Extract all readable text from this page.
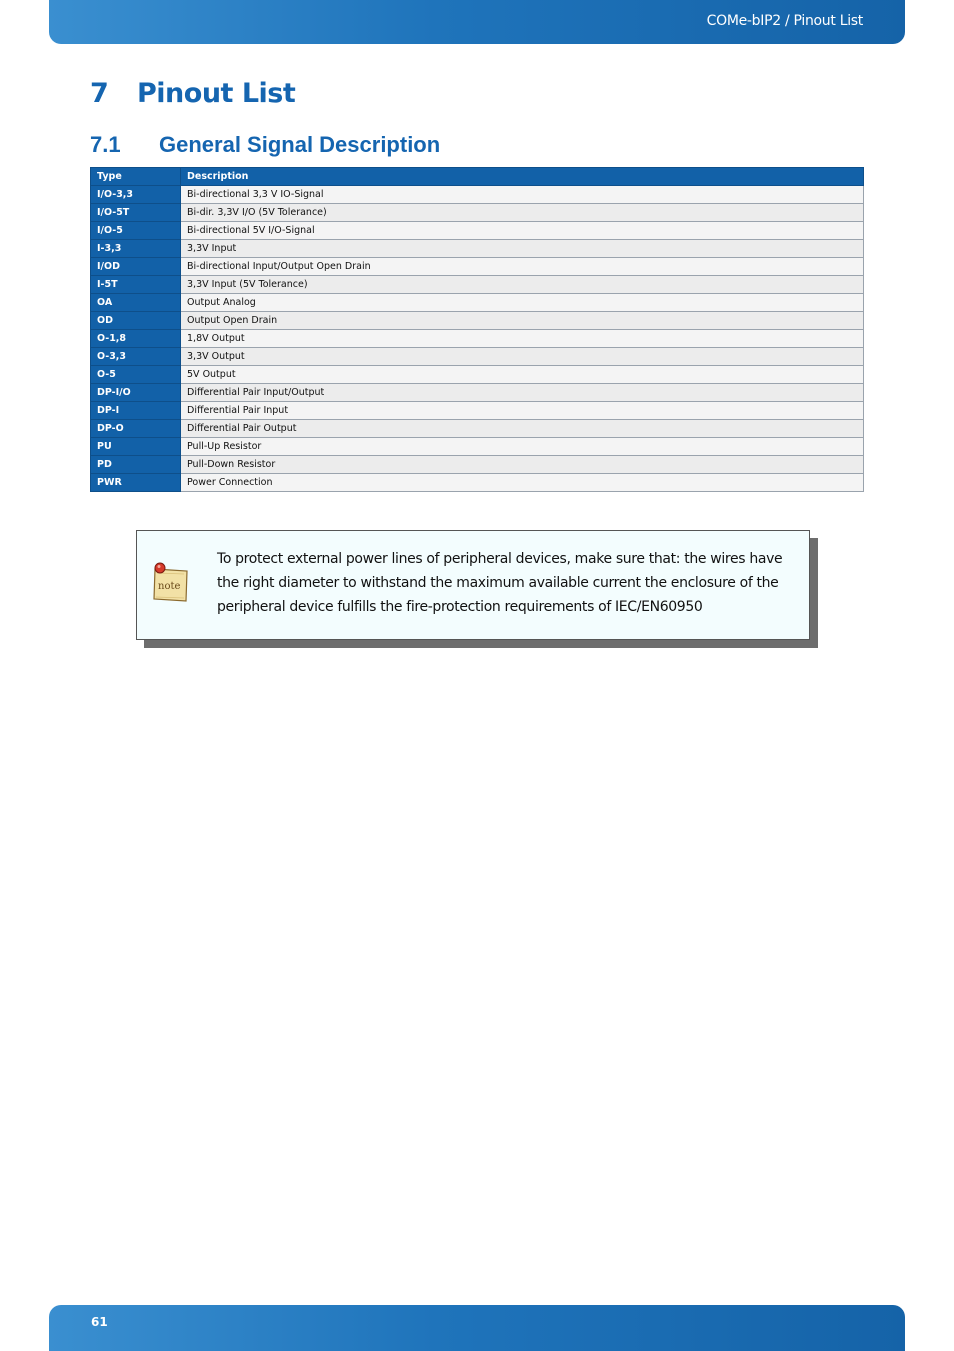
COMe-bIP2 / Pinout List
7 Pinout List
7.1 General Signal Description
Type	Description
I/O-3,3	Bi-directional 3,3 V IO-Signal
I/O-5T	Bi-dir. 3,3V I/O (5V Tolerance)
I/O-5	Bi-directional 5V I/O-Signal
I-3,3	3,3V Input
I/OD	Bi-directional Input/Output Open Drain
I-5T	3,3V Input (5V Tolerance)
OA	Output Analog
OD	Output Open Drain
O-1,8	1,8V Output
O-3,3	3,3V Output
O-5	5V Output
DP-I/O	Differential Pair Input/Output
DP-I	Differential Pair Input
DP-O	Differential Pair Output
PU	Pull-Up Resistor
PD	Pull-Down Resistor
PWR	Power Connection
note

To protect external power lines of peripheral devices, make sure that: the wires have the right diameter to withstand the maximum available current the enclosure of the peripheral device fulfills the fire-protection requirements of IEC/EN60950

61
